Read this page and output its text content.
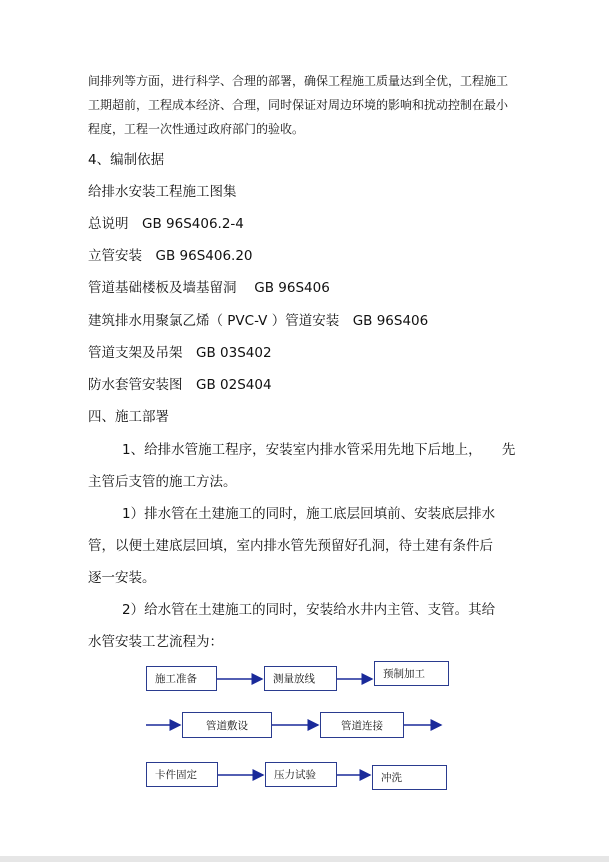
间排列等方面，进行科学、合理的部署，确保工程施工质量达到全优，工程施工

工期超前，工程成本经济、合理，同时保证对周边环境的影响和扰动控制在最小

程度，工程一次性通过政府部门的验收。

4、编制依据

给排水安装工程施工图集

总说明　GB 96S406.2-4

立管安装　GB 96S406.20

管道基础楼板及墙基留洞　 GB 96S406

建筑排水用聚氯乙烯（ PVC-V ）管道安装　GB 96S406

管道支架及吊架　GB 03S402

防水套管安装图　GB 02S404

四、施工部署

1、给排水管施工程序，安装室内排水管采用先地下后地上，　　先

主管后支管的施工方法。

1）排水管在土建施工的同时，施工底层回填前、安装底层排水

管，以便土建底层回填，室内排水管先预留好孔洞，待土建有条件后

逐一安装。

2）给水管在土建施工的同时，安装给水井内主管、支管。其给

水管安装工艺流程为：

施工准备	测量放线	预制加工
管道敷设	管道连接
卡件固定	压力试验	冲洗
